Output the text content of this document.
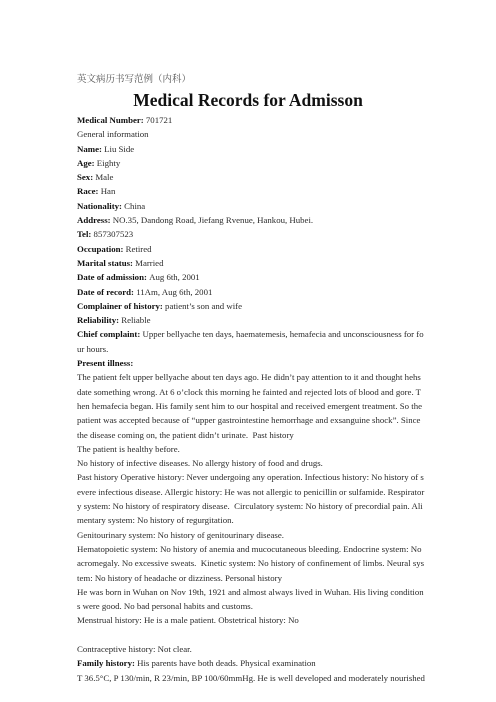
英文病历书写范例（内科）
Medical Records for Admisson
Medical Number: 701721
General information
Name: Liu Side
Age: Eighty
Sex: Male
Race: Han
Nationality: China
Address: NO.35, Dandong Road, Jiefang Rvenue, Hankou, Hubei.
Tel: 857307523
Occupation: Retired
Marital status: Married
Date of admission: Aug 6th, 2001
Date of record: 11Am, Aug 6th, 2001
Complainer of history: patient’s son and wife
Reliability: Reliable
Chief complaint: Upper bellyache ten days, haematemesis, hemafecia and unconsciousness for fo
ur hours.
Present illness:
The patient felt upper bellyache about ten days ago. He didn’t pay attention to it and thought hehs
date something wrong. At 6 o’clock this morning he fainted and rejected lots of blood and gore. T
hen hemafecia began. His family sent him to our hospital and received emergent treatment. So the
patient was accepted because of “upper gastrointestine hemorrhage and exsanguine shock”. Since
the disease coming on, the patient didn’t urinate.  Past history
The patient is healthy before.
No history of infective diseases. No allergy history of food and drugs.
Past history Operative history: Never undergoing any operation. Infectious history: No history of s
evere infectious disease. Allergic history: He was not allergic to penicillin or sulfamide. Respirator
y system: No history of respiratory disease.  Circulatory system: No history of precordial pain. Ali
mentary system: No history of regurgitation.
Genitourinary system: No history of genitourinary disease.
Hematopoietic system: No history of anemia and mucocutaneous bleeding. Endocrine system: No
acromegaly. No excessive sweats.  Kinetic system: No history of confinement of limbs. Neural sys
tem: No history of headache or dizziness. Personal history
He was born in Wuhan on Nov 19th, 1921 and almost always lived in Wuhan. His living condition
s were good. No bad personal habits and customs.
Menstrual history: He is a male patient. Obstetrical history: No
Contraceptive history: Not clear.
Family history: His parents have both deads. Physical examination
T 36.5°C, P 130/min, R 23/min, BP 100/60mmHg. He is well developed and moderately nourished
